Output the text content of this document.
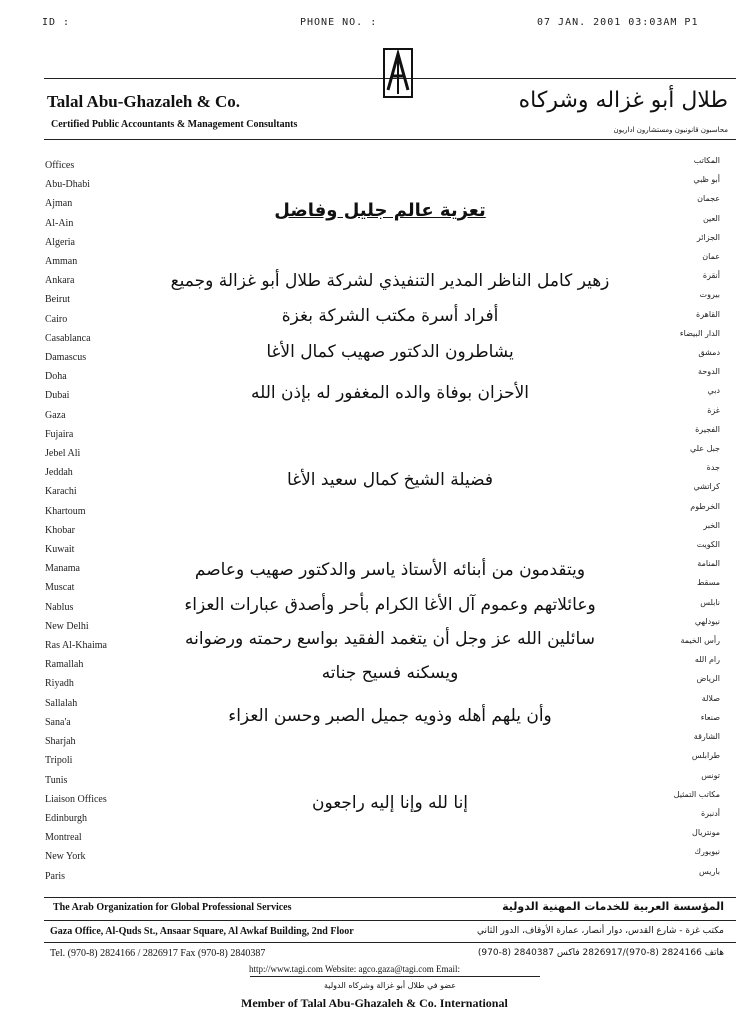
ID :	PHONE NO. :	07 JAN. 2001 03:03AM P1
Talal Abu-Ghazaleh & Co.
Certified Public Accountants & Management Consultants
طلال أبو غزاله وشركاه
محاسبون قانونيون ومستشارون اداريون
Offices
Abu-Dhabi
Ajman
Al-Ain
Algeria
Amman
Ankara
Beirut
Cairo
Casablanca
Damascus
Doha
Dubai
Gaza
Fujaira
Jebel Ali
Jeddah
Karachi
Khartoum
Khobar
Kuwait
Manama
Muscat
Nablus
New Delhi
Ras Al-Khaima
Ramallah
Riyadh
Sallalah
Sana'a
Sharjah
Tripoli
Tunis
Liaison Offices
Edinburgh
Montreal
New York
Paris
المكاتب
أبو ظبي
عجمان
العين
الجزائر
عمان
أنقرة
بيروت
القاهرة
الدار البيضاء
دمشق
الدوحة
دبي
غزة
الفجيرة
جبل علي
جدة
كراتشي
الخرطوم
الخبر
الكويت
المنامة
مسقط
نابلس
نيودلهي
رأس الخيمة
رام الله
الرياض
صلالة
صنعاء
الشارقة
طرابلس
تونس
مكاتب التمثيل
أدنبرة
مونتريال
نيويورك
باريس
تعزية عالم جليل وفاضل
زهير كامل الناظر المدير التنفيذي لشركة طلال أبو غزالة وجميع
أفراد أسرة مكتب الشركة بغزة
يشاطرون الدكتور صهيب كمال الأغا
الأحزان بوفاة والده المغفور له بإذن الله
فضيلة الشيخ كمال سعيد الأغا
ويتقدمون من أبنائه الأستاذ ياسر والدكتور صهيب وعاصم
وعائلاتهم وعموم آل الأغا الكرام بأحر وأصدق عبارات العزاء
سائلين الله عز وجل أن يتغمد الفقيد بواسع رحمته ورضوانه
ويسكنه فسيح جناته
وأن يلهم أهله وذويه جميل الصبر وحسن العزاء
إنا لله وإنا إليه راجعون
The Arab Organization for Global Professional Services	المؤسسة العربية للخدمات المهنية الدولية
Gaza Office, Al-Quds St., Ansaar Square, Al Awkaf Building, 2nd Floor	مكتب غزة - شارع القدس، دوار أنصار، عمارة الأوقاف، الدور الثاني
Tel. (970-8) 2824166 / 2826917 Fax (970-8) 2840387	هاتف 2824166 (8-970)/2826917 فاكس 2840387 (8-970)
http://www.tagi.com Website: agco.gaza@tagi.com Email:
عضو في طلال أبو غزالة وشركاه الدولية
Member of Talal Abu-Ghazaleh & Co. International
